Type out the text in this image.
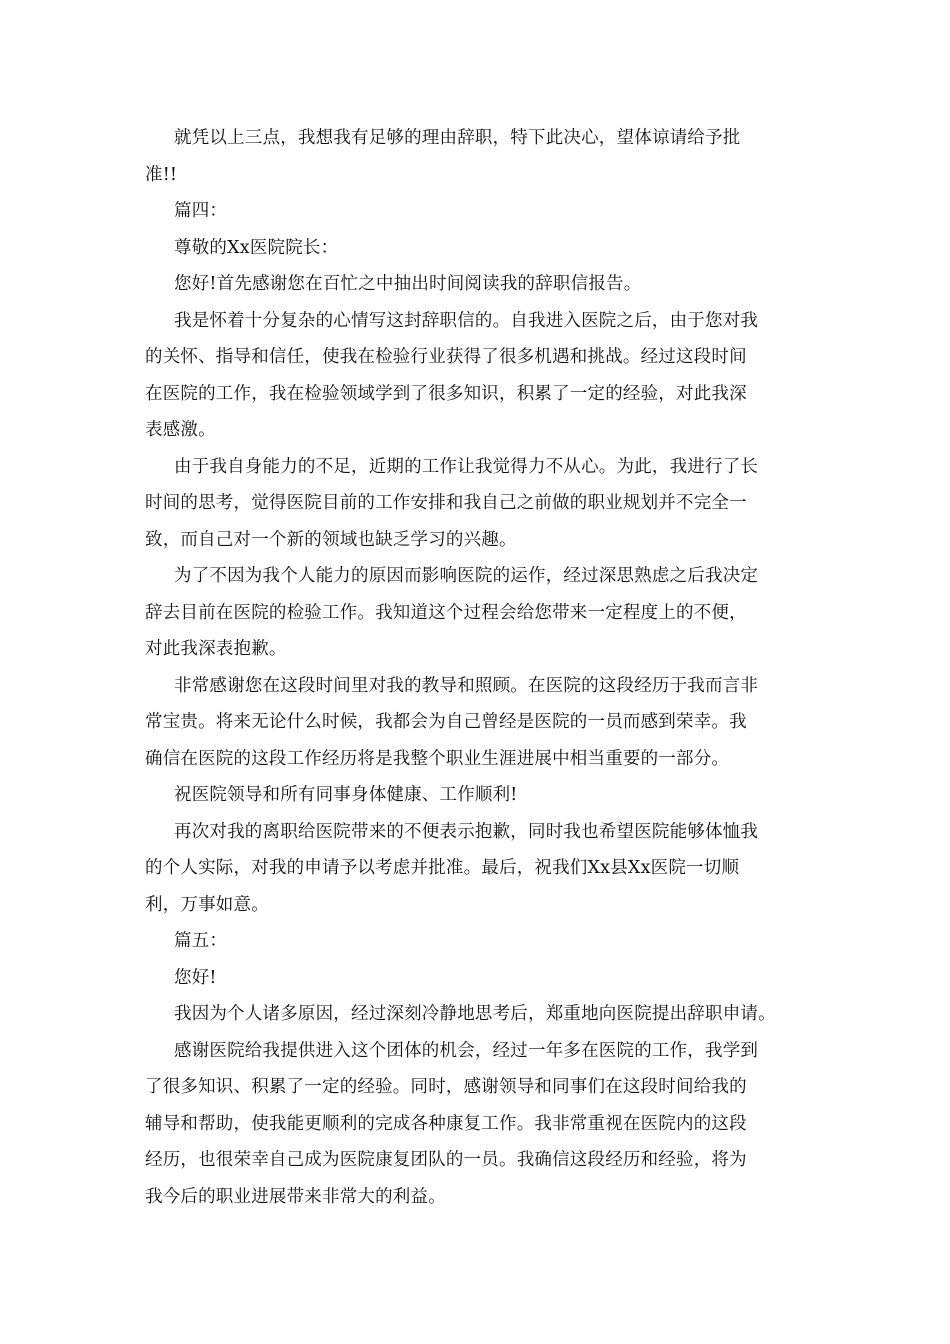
就凭以上三点，我想我有足够的理由辞职，特下此决心，望体谅请给予批
准!!

篇四：

尊敬的Xx医院院长：

您好!首先感谢您在百忙之中抽出时间阅读我的辞职信报告。

我是怀着十分复杂的心情写这封辞职信的。自我进入医院之后，由于您对我
的关怀、指导和信任，使我在检验行业获得了很多机遇和挑战。经过这段时间
在医院的工作，我在检验领域学到了很多知识，积累了一定的经验，对此我深
表感激。

由于我自身能力的不足，近期的工作让我觉得力不从心。为此，我进行了长
时间的思考，觉得医院目前的工作安排和我自己之前做的职业规划并不完全一
致，而自己对一个新的领域也缺乏学习的兴趣。

为了不因为我个人能力的原因而影响医院的运作，经过深思熟虑之后我决定
辞去目前在医院的检验工作。我知道这个过程会给您带来一定程度上的不便，
对此我深表抱歉。

非常感谢您在这段时间里对我的教导和照顾。在医院的这段经历于我而言非
常宝贵。将来无论什么时候，我都会为自己曾经是医院的一员而感到荣幸。我
确信在医院的这段工作经历将是我整个职业生涯进展中相当重要的一部分。

祝医院领导和所有同事身体健康、工作顺利!

再次对我的离职给医院带来的不便表示抱歉，同时我也希望医院能够体恤我
的个人实际，对我的申请予以考虑并批准。最后，祝我们Xx县Xx医院一切顺
利，万事如意。

篇五：

您好!

我因为个人诸多原因，经过深刻冷静地思考后，郑重地向医院提出辞职申请。

感谢医院给我提供进入这个团体的机会，经过一年多在医院的工作，我学到
了很多知识、积累了一定的经验。同时，感谢领导和同事们在这段时间给我的
辅导和帮助，使我能更顺利的完成各种康复工作。我非常重视在医院内的这段
经历，也很荣幸自己成为医院康复团队的一员。我确信这段经历和经验，将为
我今后的职业进展带来非常大的利益。
